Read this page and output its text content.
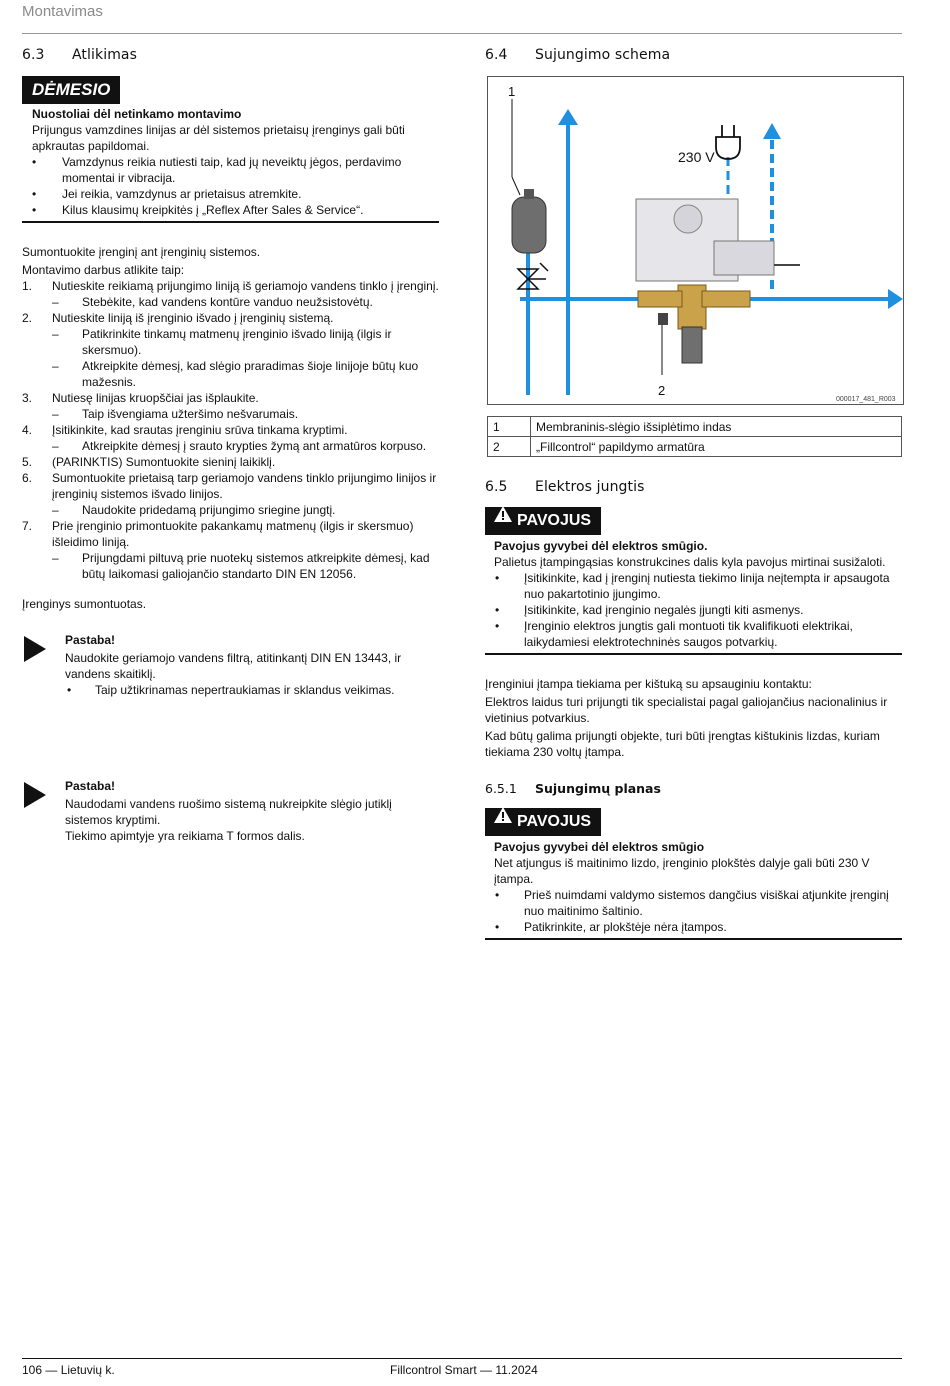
Montavimas
6.3 Atlikimas
DĖMESIO
Nuostoliai dėl netinkamo montavimo
Prijungus vamzdines linijas ar dėl sistemos prietaisų įrenginys gali būti apkrautas papildomai.
• Vamzdynus reikia nutiesti taip, kad jų neveiktų jėgos, perdavimo momentai ir vibracija.
• Jei reikia, vamzdynus ar prietaisus atremkite.
• Kilus klausimų kreipkitės į „Reflex After Sales & Service“.
Sumontuokite įrenginį ant įrenginių sistemos.
Montavimo darbus atlikite taip:
1. Nutieskite reikiamą prijungimo liniją iš geriamojo vandens tinklo į įrenginį.
– Stebėkite, kad vandens kontūre vanduo neužsistovėtų.
2. Nutieskite liniją iš įrenginio išvado į įrenginių sistemą.
– Patikrinkite tinkamų matmenų įrenginio išvado liniją (ilgis ir skersmuo).
– Atkreipkite dėmesį, kad slėgio praradimas šioje linijoje būtų kuo mažesnis.
3. Nutiesę linijas kruopščiai jas išplaukite.
– Taip išvengiama užteršimo nešvarumais.
4. Įsitikinkite, kad srautas įrenginiu srūva tinkama kryptimi.
– Atkreipkite dėmesį į srauto krypties žymą ant armatūros korpuso.
5. (PARINKTIS) Sumontuokite sieninį laikiklį.
6. Sumontuokite prietaisą tarp geriamojo vandens tinklo prijungimo linijos ir įrenginių sistemos išvado linijos.
– Naudokite pridedamą prijungimo sriegine jungtį.
7. Prie įrenginio primontuokite pakankamų matmenų (ilgis ir skersmuo) išleidimo liniją.
– Prijungdami piltuvą prie nuotekų sistemos atkreipkite dėmesį, kad būtų laikomasi galiojančio standarto DIN EN 12056.
Įrenginys sumontuotas.
Pastaba!
Naudokite geriamojo vandens filtrą, atitinkantį DIN EN 13443, ir vandens skaitiklį.
• Taip užtikrinamas nepertraukiamas ir sklandus veikimas.
Pastaba!
Naudodami vandens ruošimo sistemą nukreipkite slėgio jutiklį sistemos kryptimi.
Tiekimo apimtyje yra reikiama T formos dalis.
6.4 Sujungimo schema
1
2
230 V
000017_481_R003
1	Membraninis-slėgio išsiplėtimo indas
2	„Fillcontrol“ papildymo armatūra
6.5 Elektros jungtis
PAVOJUS
Pavojus gyvybei dėl elektros smūgio.
Palietus įtampingąsias konstrukcines dalis kyla pavojus mirtinai susižaloti.
• Įsitikinkite, kad į įrenginį nutiesta tiekimo linija neįtempta ir apsaugota nuo pakartotinio įjungimo.
• Įsitikinkite, kad įrenginio negalės įjungti kiti asmenys.
• Įrenginio elektros jungtis gali montuoti tik kvalifikuoti elektrikai, laikydamiesi elektrotechninės saugos potvarkių.
Įrenginiui įtampa tiekiama per kištuką su apsauginiu kontaktu:
Elektros laidus turi prijungti tik specialistai pagal galiojančius nacionalinius ir vietinius potvarkius.
Kad būtų galima prijungti objekte, turi būti įrengtas kištukinis lizdas, kuriam tiekiama 230 voltų įtampa.
6.5.1 Sujungimų planas
PAVOJUS
Pavojus gyvybei dėl elektros smūgio
Net atjungus iš maitinimo lizdo, įrenginio plokštės dalyje gali būti 230 V įtampa.
• Prieš nuimdami valdymo sistemos dangčius visiškai atjunkite įrenginį nuo maitinimo šaltinio.
• Patikrinkite, ar plokštėje nėra įtampos.
106 — Lietuvių k.	Fillcontrol Smart — 11.2024
